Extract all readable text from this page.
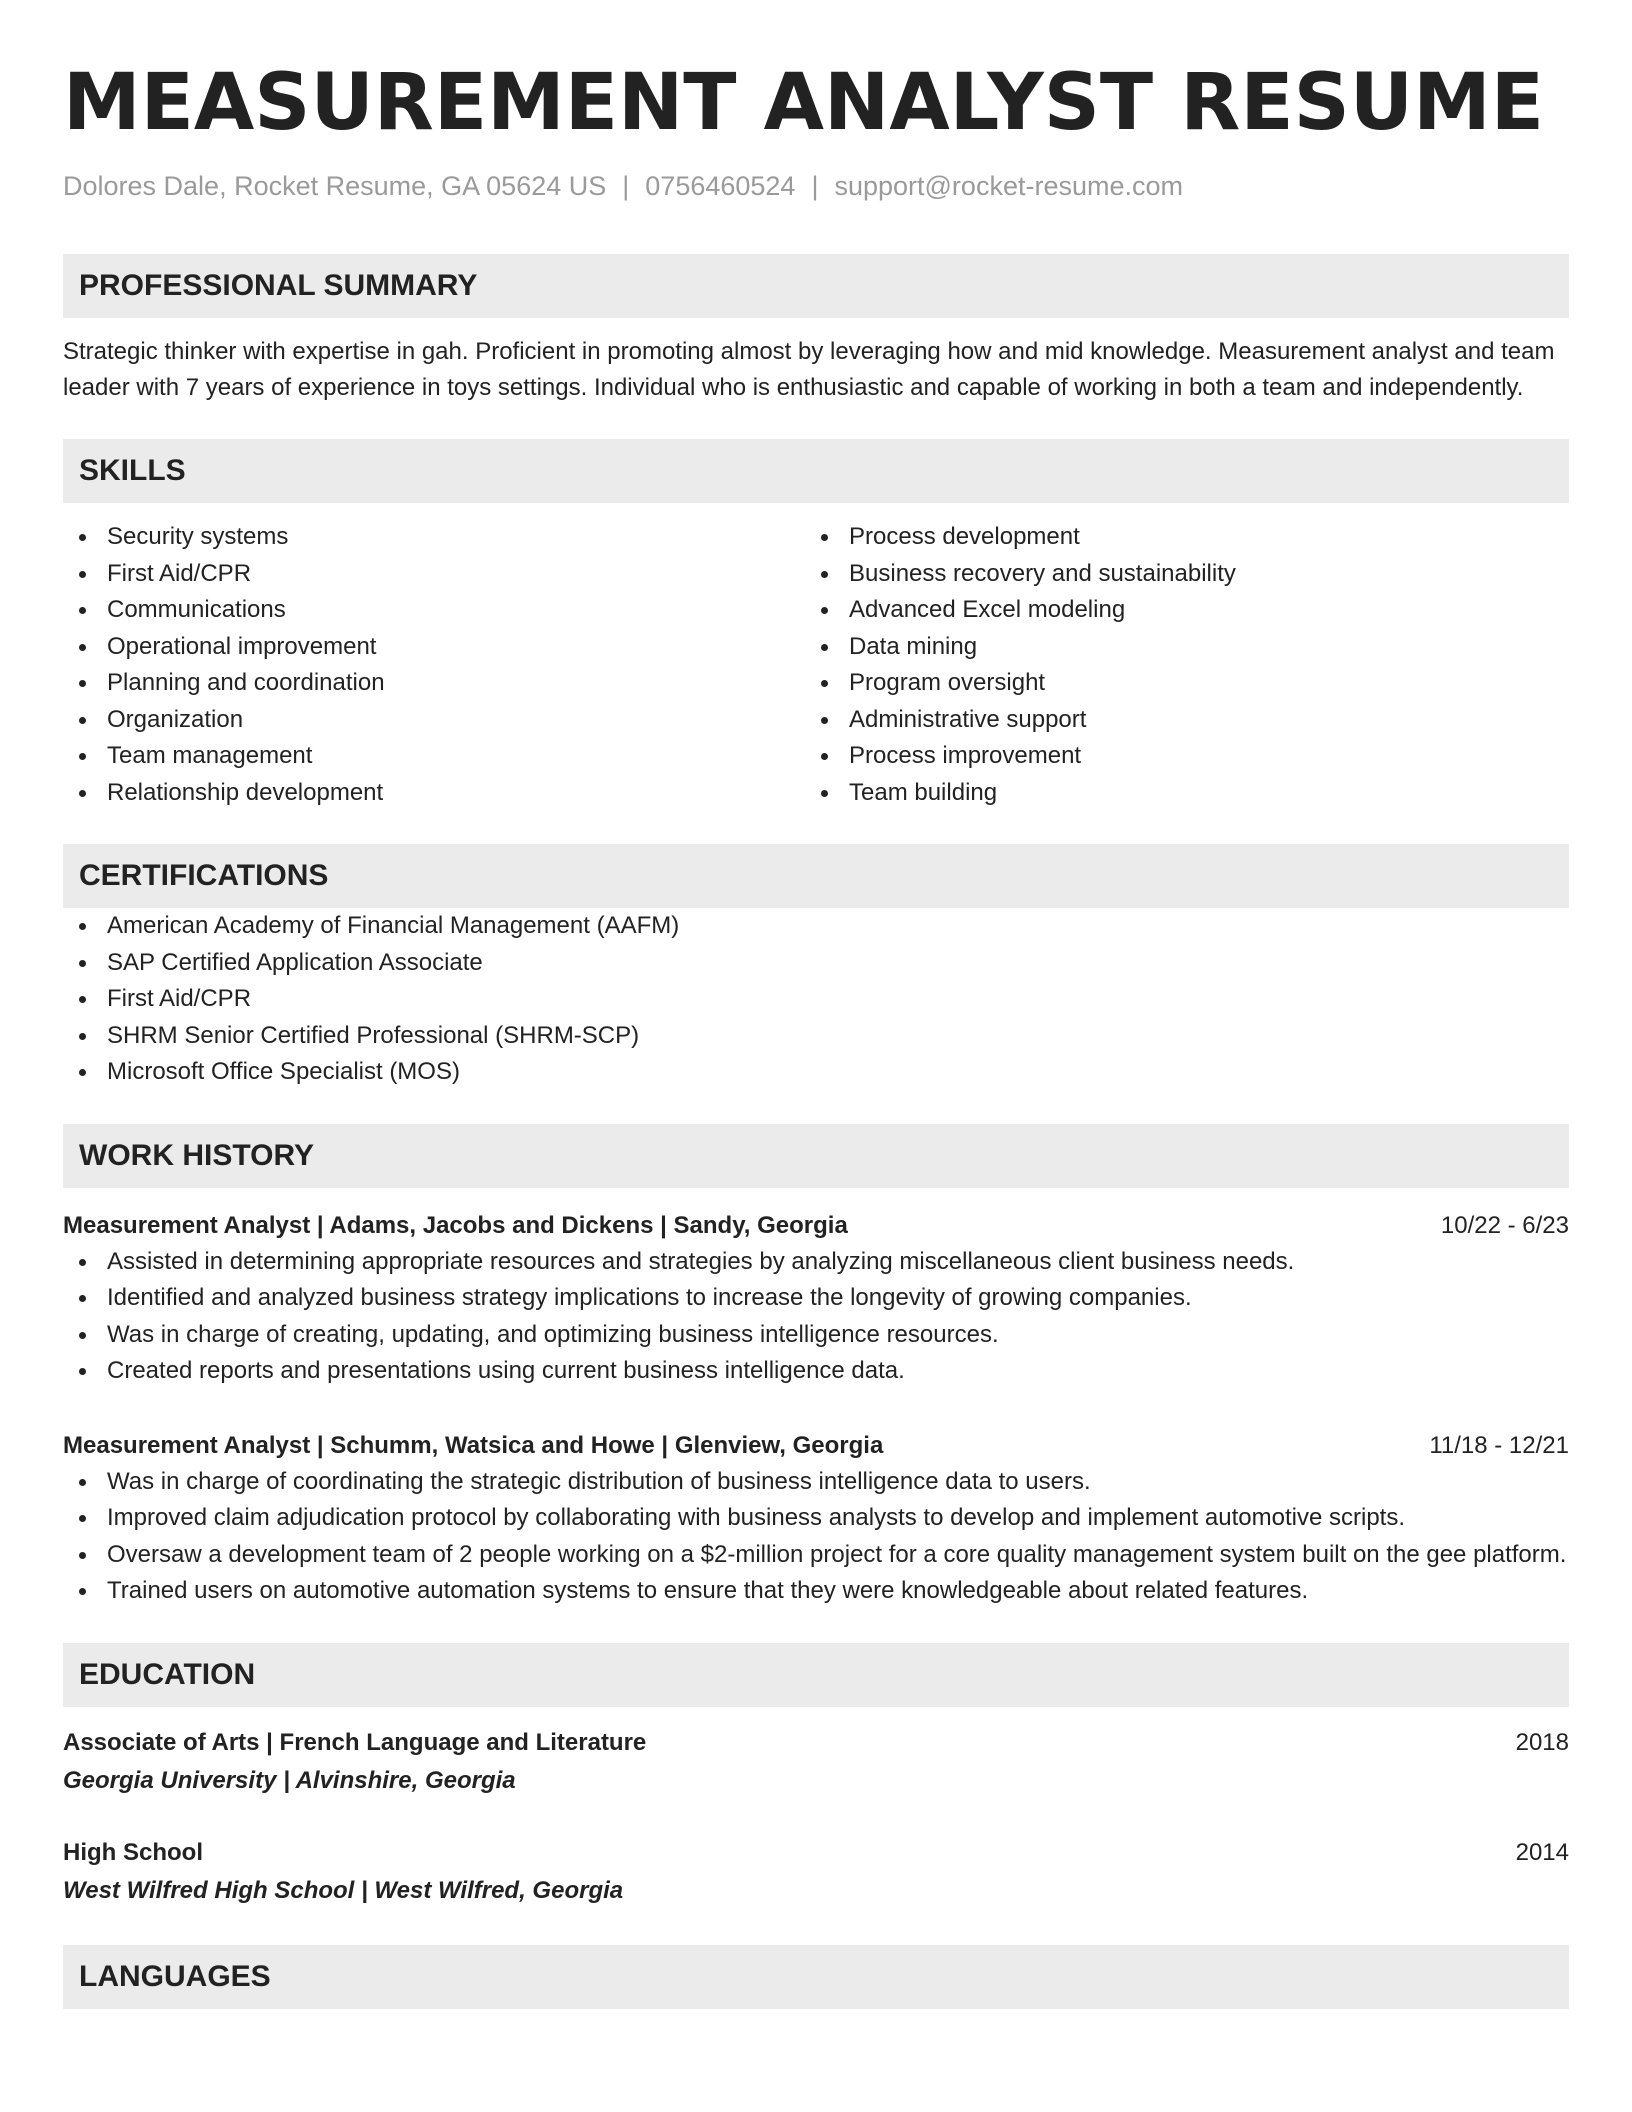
MEASUREMENT ANALYST RESUME
Dolores Dale, Rocket Resume, GA 05624 US | 0756460524 | support@rocket-resume.com
PROFESSIONAL SUMMARY

Strategic thinker with expertise in gah. Proficient in promoting almost by leveraging how and mid knowledge. Measurement analyst and team leader with 7 years of experience in toys settings. Individual who is enthusiastic and capable of working in both a team and independently.

SKILLS
Security systems
First Aid/CPR
Communications
Operational improvement
Planning and coordination
Organization
Team management
Relationship development
Process development
Business recovery and sustainability
Advanced Excel modeling
Data mining
Program oversight
Administrative support
Process improvement
Team building
CERTIFICATIONS
American Academy of Financial Management (AAFM)
SAP Certified Application Associate
First Aid/CPR
SHRM Senior Certified Professional (SHRM-SCP)
Microsoft Office Specialist (MOS)
WORK HISTORY
Measurement Analyst | Adams, Jacobs and Dickens | Sandy, Georgia	10/22 - 6/23
Assisted in determining appropriate resources and strategies by analyzing miscellaneous client business needs.
Identified and analyzed business strategy implications to increase the longevity of growing companies.
Was in charge of creating, updating, and optimizing business intelligence resources.
Created reports and presentations using current business intelligence data.
Measurement Analyst | Schumm, Watsica and Howe | Glenview, Georgia	11/18 - 12/21
Was in charge of coordinating the strategic distribution of business intelligence data to users.
Improved claim adjudication protocol by collaborating with business analysts to develop and implement automotive scripts.
Oversaw a development team of 2 people working on a $2-million project for a core quality management system built on the gee platform.
Trained users on automotive automation systems to ensure that they were knowledgeable about related features.
EDUCATION
Associate of Arts | French Language and Literature	2018
Georgia University | Alvinshire, Georgia
High School	2014
West Wilfred High School | West Wilfred, Georgia
LANGUAGES
